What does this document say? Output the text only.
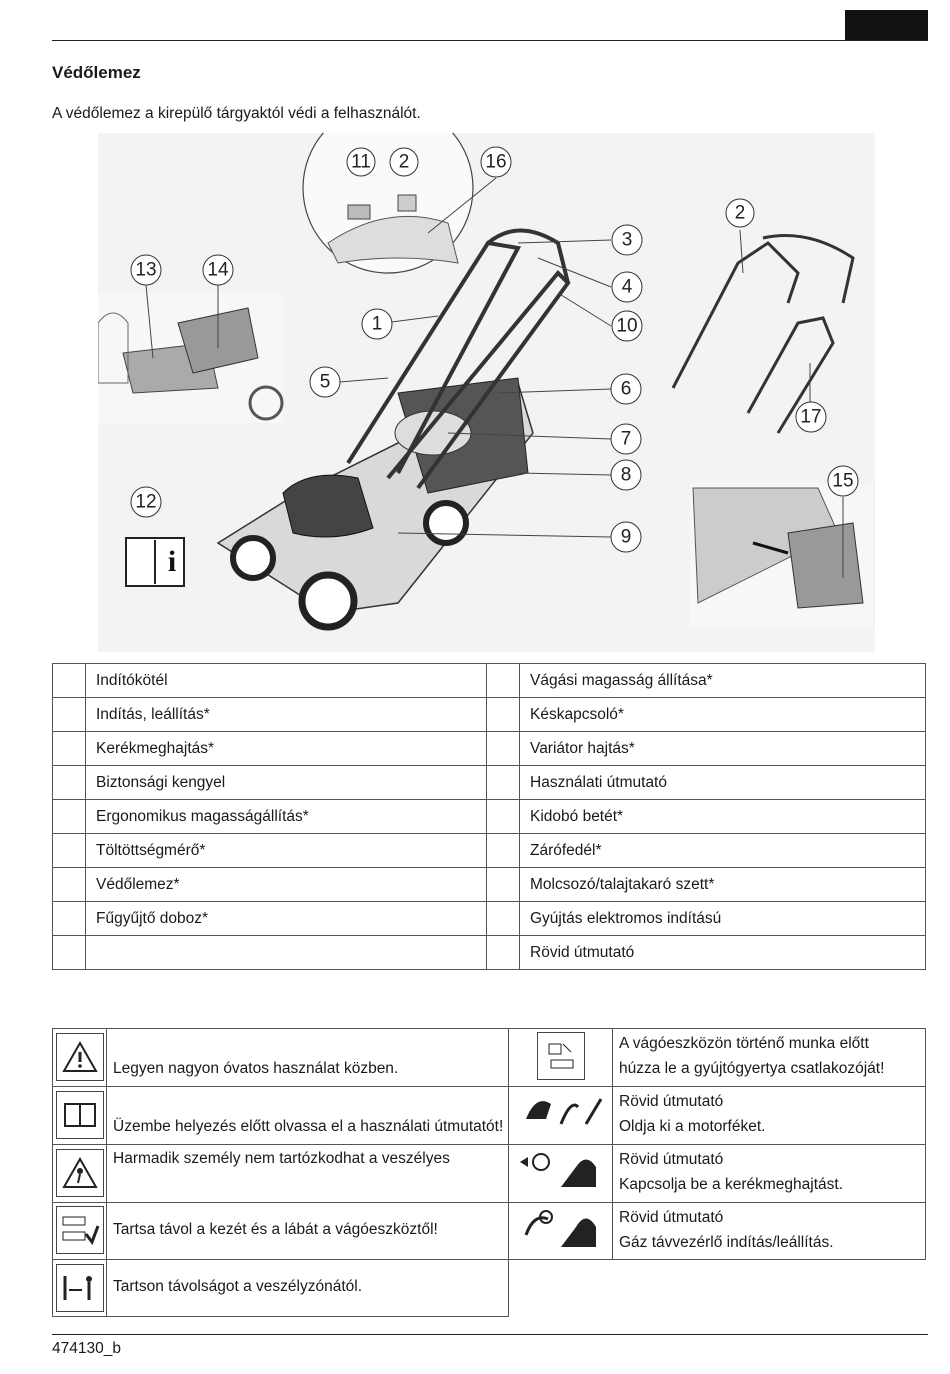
Védőlemez
A védőlemez a kirepülő tárgyaktól védi a felhasználót.
i
1
2
2
3
4
5	6
7
8
9
10
11
12
13	14
15
16
17
	Indítókötél		Vágási magasság állítása*
	Indítás, leállítás*		Késkapcsoló*
	Kerékmeghajtás*		Variátor hajtás*
	Biztonsági kengyel		Használati útmutató
	Ergonomikus magasságállítás*		Kidobó betét*
	Töltöttségmérő*		Zárófedél*
	Védőlemez*		Molcsozó/talajtakaró szett*
	Fűgyűjtő doboz*		Gyújtás elektromos indítású
			Rövid útmutató
	Legyen nagyon óvatos használat közben.		A vágóeszközön történő munka előtt
húzza le a gyújtógyertya csatlakozóját!

	Üzembe helyezés előtt olvassa el a használati útmutatót!		Rövid útmutató
Oldja ki a motorféket.

	Harmadik személy nem tartózkodhat a veszélyes		Rövid útmutató
Kapcsolja be a kerékmeghajtást.

	Tartsa távol a kezét és a lábát a vágóeszköztől!		Rövid útmutató
Gáz távvezérlő indítás/leállítás.

	Tartson távolságot a veszélyzónától.		
474130_b
